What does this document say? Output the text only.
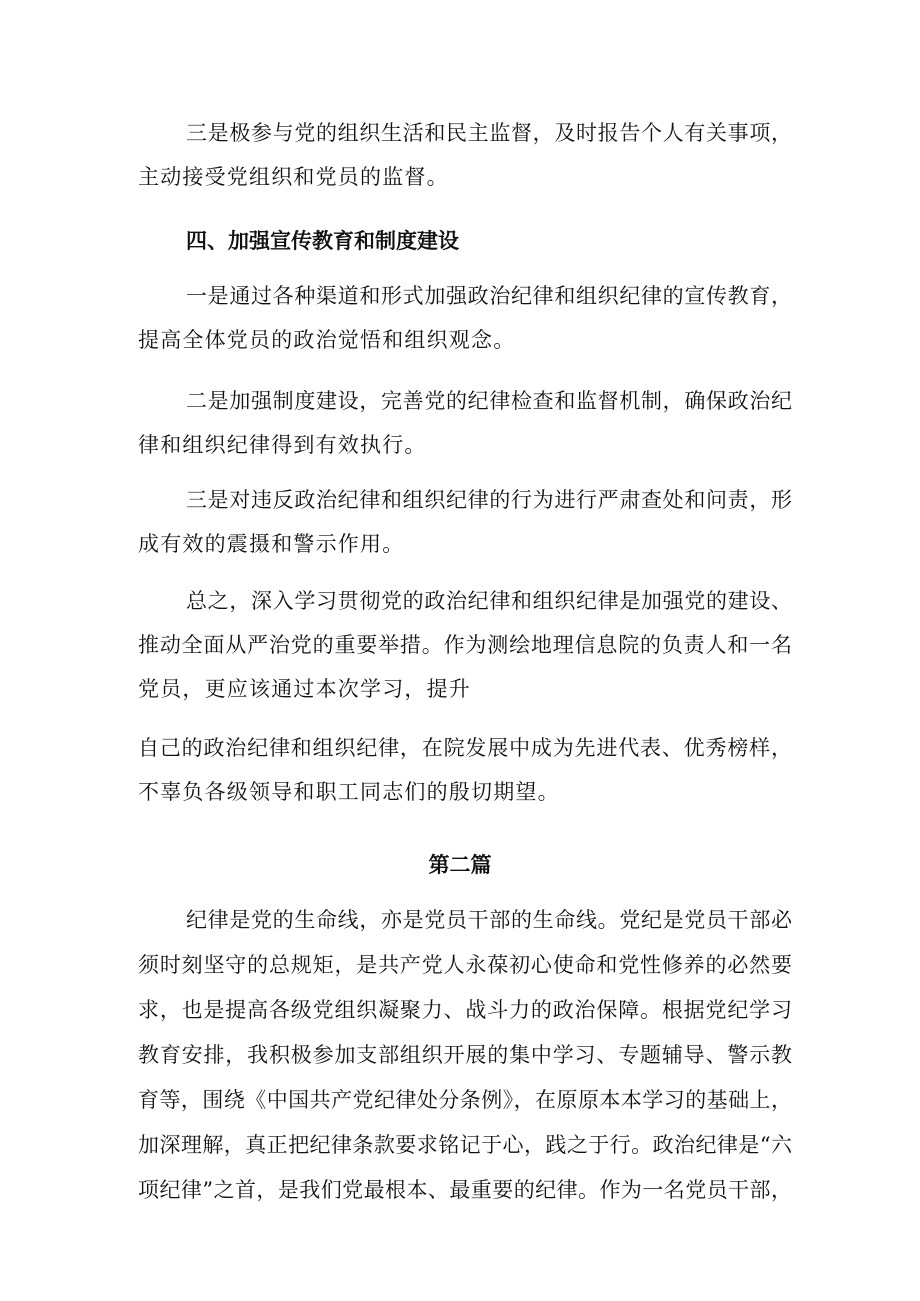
三是极参与党的组织生活和民主监督，及时报告个人有关事项，
主动接受党组织和党员的监督。
四、加强宣传教育和制度建设
一是通过各种渠道和形式加强政治纪律和组织纪律的宣传教育，
提高全体党员的政治觉悟和组织观念。
二是加强制度建设，完善党的纪律检查和监督机制，确保政治纪
律和组织纪律得到有效执行。
三是对违反政治纪律和组织纪律的行为进行严肃查处和问责，形
成有效的震摄和警示作用。
总之，深入学习贯彻党的政治纪律和组织纪律是加强党的建设、
推动全面从严治党的重要举措。作为测绘地理信息院的负责人和一名
党员，更应该通过本次学习，提升
自己的政治纪律和组织纪律，在院发展中成为先进代表、优秀榜样，
不辜负各级领导和职工同志们的殷切期望。
第二篇
纪律是党的生命线，亦是党员干部的生命线。党纪是党员干部必
须时刻坚守的总规矩，是共产党人永葆初心使命和党性修养的必然要
求，也是提高各级党组织凝聚力、战斗力的政治保障。根据党纪学习
教育安排，我积极参加支部组织开展的集中学习、专题辅导、警示教
育等，围绕《中国共产党纪律处分条例》，在原原本本学习的基础上，
加深理解，真正把纪律条款要求铭记于心，践之于行。政治纪律是“六
项纪律”之首，是我们党最根本、最重要的纪律。作为一名党员干部，
